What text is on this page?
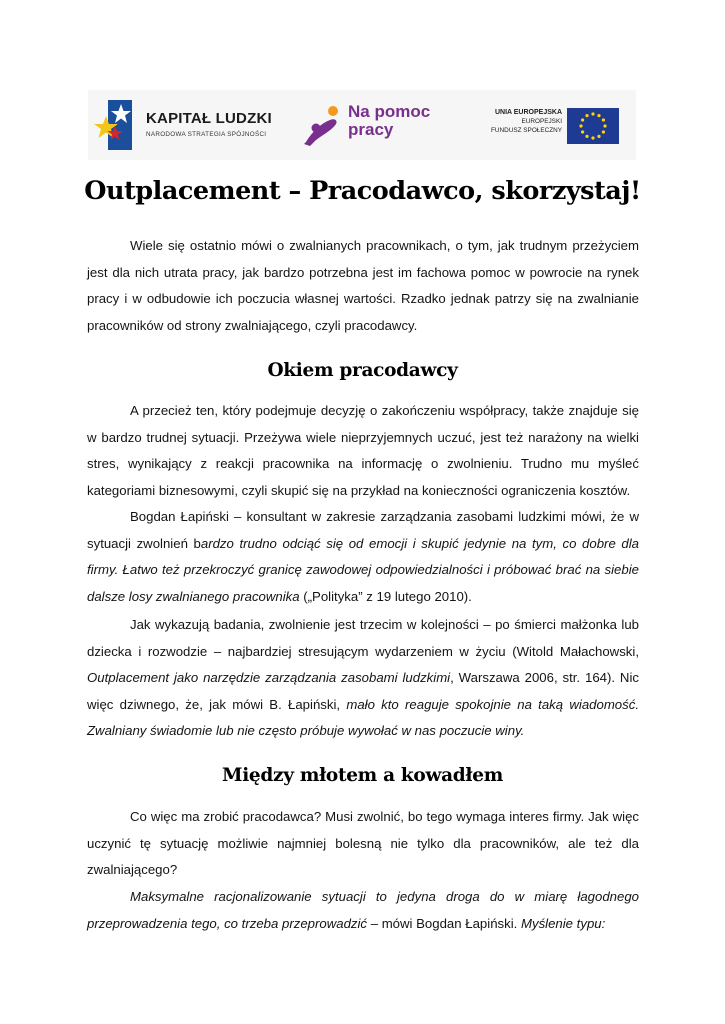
KAPITAŁ LUDZKI
NARODOWA STRATEGIA SPÓJNOŚCI
Na pomoc
pracy
UNIA EUROPEJSKA
EUROPEJSKI
FUNDUSZ SPOŁECZNY
Outplacement – Pracodawco, skorzystaj!

Wiele się ostatnio mówi o zwalnianych pracownikach, o tym, jak trudnym przeżyciem jest dla nich utrata pracy, jak bardzo potrzebna jest im fachowa pomoc w powrocie na rynek pracy i w odbudowie ich poczucia własnej wartości. Rzadko jednak patrzy się na zwalnianie pracowników od strony zwalniającego, czyli pracodawcy.

Okiem pracodawcy

A przecież ten, który podejmuje decyzję o zakończeniu współpracy, także znajduje się w bardzo trudnej sytuacji. Przeżywa wiele nieprzyjemnych uczuć, jest też narażony na wielki stres, wynikający z reakcji pracownika na informację o zwolnieniu. Trudno mu myśleć kategoriami biznesowymi, czyli skupić się na przykład na konieczności ograniczenia kosztów.

Bogdan Łapiński – konsultant w zakresie zarządzania zasobami ludzkimi mówi, że w sytuacji zwolnień bardzo trudno odciąć się od emocji i skupić jedynie na tym, co dobre dla firmy. Łatwo też przekroczyć granicę zawodowej odpowiedzialności i próbować brać na siebie dalsze losy zwalnianego pracownika („Polityka” z 19 lutego 2010).

Jak wykazują badania, zwolnienie jest trzecim w kolejności – po śmierci małżonka lub dziecka i rozwodzie – najbardziej stresującym wydarzeniem w życiu (Witold Małachowski, Outplacement jako narzędzie zarządzania zasobami ludzkimi, Warszawa 2006, str. 164). Nic więc dziwnego, że, jak mówi B. Łapiński, mało kto reaguje spokojnie na taką wiadomość. Zwalniany świadomie lub nie często próbuje wywołać w nas poczucie winy.

Między młotem a kowadłem

Co więc ma zrobić pracodawca? Musi zwolnić, bo tego wymaga interes firmy. Jak więc uczynić tę sytuację możliwie najmniej bolesną nie tylko dla pracowników, ale też dla zwalniającego?

Maksymalne racjonalizowanie sytuacji to jedyna droga do w miarę łagodnego przeprowadzenia tego, co trzeba przeprowadzić – mówi Bogdan Łapiński. Myślenie typu:
